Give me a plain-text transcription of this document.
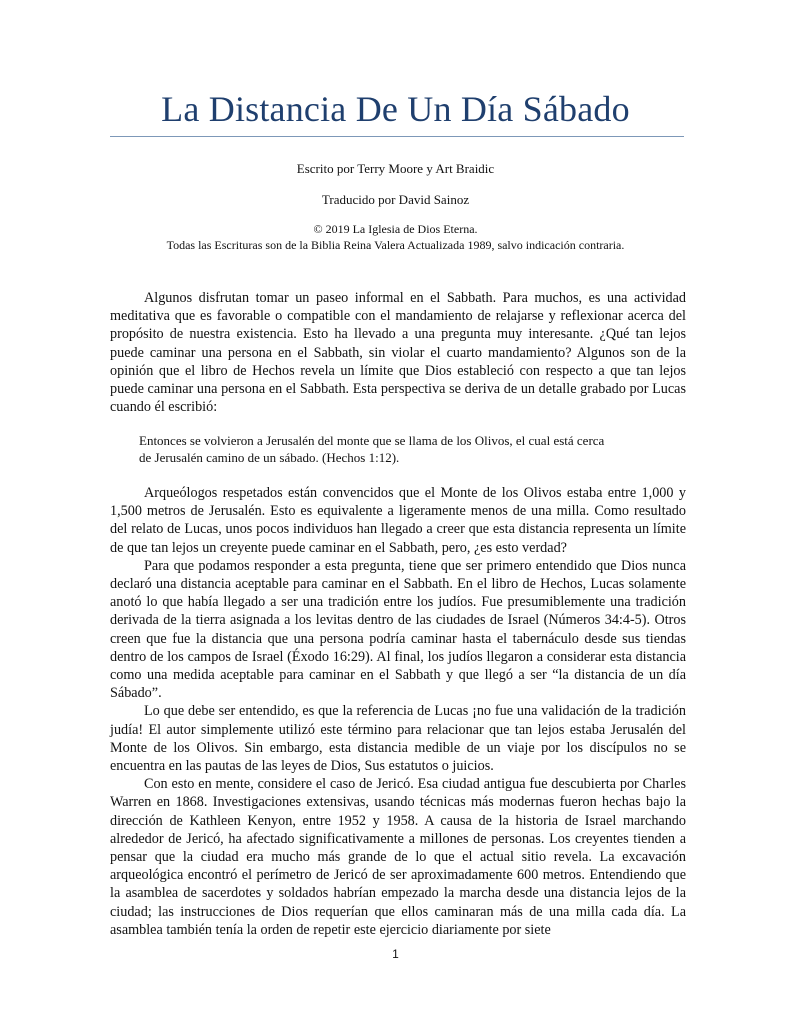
La Distancia De Un Día Sábado

Escrito por Terry Moore y Art Braidic

Traducido por David Sainoz

© 2019 La Iglesia de Dios Eterna.

Todas las Escrituras son de la Biblia Reina Valera Actualizada 1989, salvo indicación contraria.

Algunos disfrutan tomar un paseo informal en el Sabbath. Para muchos, es una actividad meditativa que es favorable o compatible con el mandamiento de relajarse y reflexionar acerca del propósito de nuestra existencia. Esto ha llevado a una pregunta muy interesante. ¿Qué tan lejos puede caminar una persona en el Sabbath, sin violar el cuarto mandamiento? Algunos son de la opinión que el libro de Hechos revela un límite que Dios estableció con respecto a que tan lejos puede caminar una persona en el Sabbath. Esta perspectiva se deriva de un detalle grabado por Lucas cuando él escribió:

Entonces se volvieron a Jerusalén del monte que se llama de los Olivos, el cual está cerca
de Jerusalén camino de un sábado. (Hechos 1:12).

Arqueólogos respetados están convencidos que el Monte de los Olivos estaba entre 1,000 y 1,500 metros de Jerusalén. Esto es equivalente a ligeramente menos de una milla. Como resultado del relato de Lucas, unos pocos individuos han llegado a creer que esta distancia representa un límite de que tan lejos un creyente puede caminar en el Sabbath, pero, ¿es esto verdad?

Para que podamos responder a esta pregunta, tiene que ser primero entendido que Dios nunca declaró una distancia aceptable para caminar en el Sabbath. En el libro de Hechos, Lucas solamente anotó lo que había llegado a ser una tradición entre los judíos. Fue presumiblemente una tradición derivada de la tierra asignada a los levitas dentro de las ciudades de Israel (Números 34:4-5). Otros creen que fue la distancia que una persona podría caminar hasta el tabernáculo desde sus tiendas dentro de los campos de Israel (Éxodo 16:29). Al final, los judíos llegaron a considerar esta distancia como una medida aceptable para caminar en el Sabbath y que llegó a ser “la distancia de un día Sábado”.

Lo que debe ser entendido, es que la referencia de Lucas ¡no fue una validación de la tradición judía! El autor simplemente utilizó este término para relacionar que tan lejos estaba Jerusalén del Monte de los Olivos. Sin embargo, esta distancia medible de un viaje por los discípulos no se encuentra en las pautas de las leyes de Dios, Sus estatutos o juicios.

Con esto en mente, considere el caso de Jericó. Esa ciudad antigua fue descubierta por Charles Warren en 1868. Investigaciones extensivas, usando técnicas más modernas fueron hechas bajo la dirección de Kathleen Kenyon, entre 1952 y 1958. A causa de la historia de Israel marchando alrededor de Jericó, ha afectado significativamente a millones de personas. Los creyentes tienden a pensar que la ciudad era mucho más grande de lo que el actual sitio revela. La excavación arqueológica encontró el perímetro de Jericó de ser aproximadamente 600 metros. Entendiendo que la asamblea de sacerdotes y soldados habrían empezado la marcha desde una distancia lejos de la ciudad; las instrucciones de Dios requerían que ellos caminaran más de una milla cada día. La asamblea también tenía la orden de repetir este ejercicio diariamente por siete

1
